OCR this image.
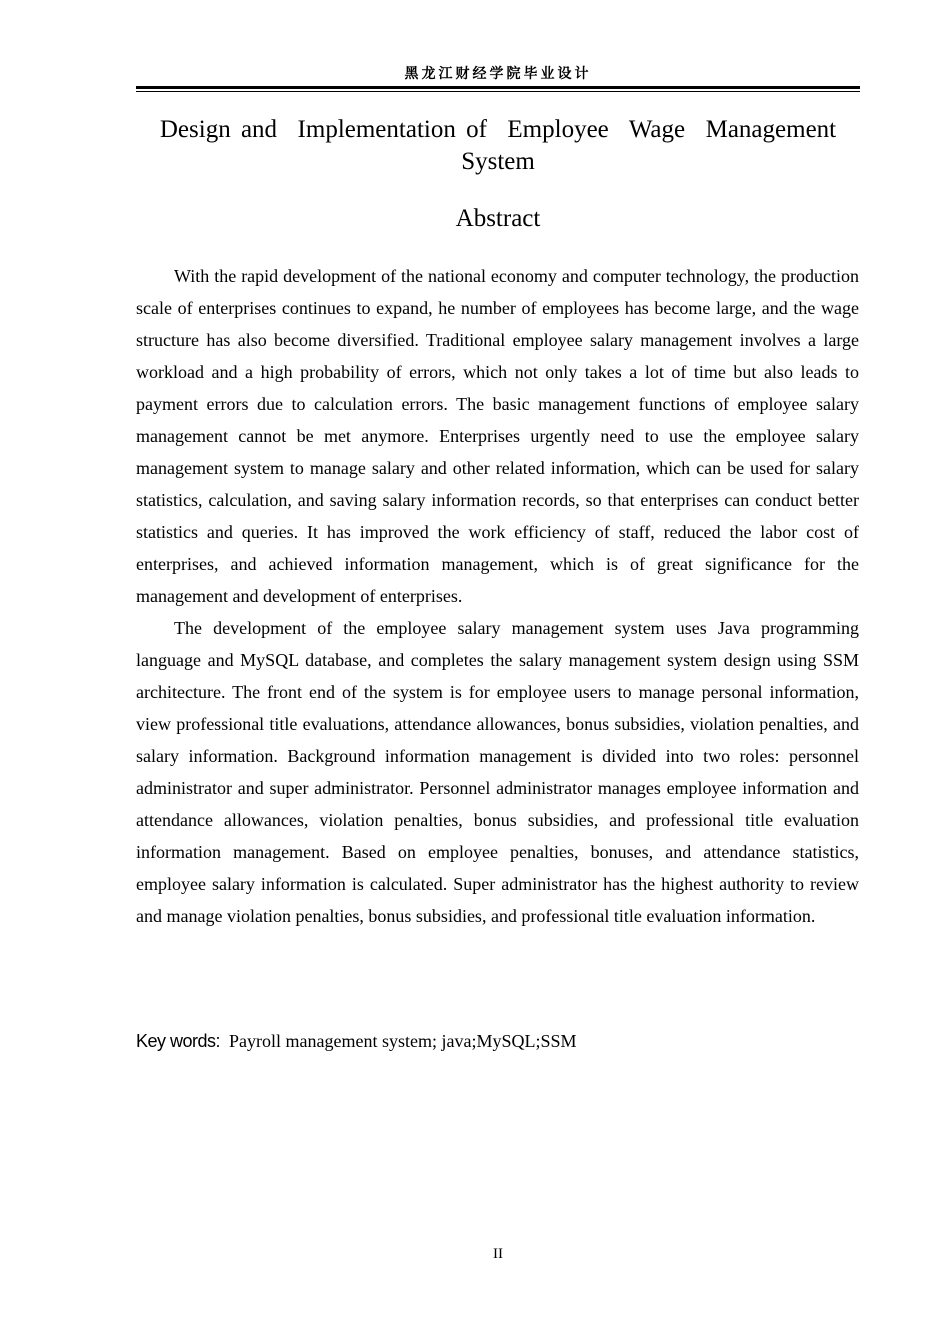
黑龙江财经学院毕业设计
Design and  Implementation of  Employee  Wage  Management
System
Abstract

With the rapid development of the national economy and computer technology, the production scale of enterprises continues to expand, he number of employees has become large, and the wage structure has also become diversified. Traditional employee salary management involves a large workload and a high probability of errors, which not only takes a lot of time but also leads to payment errors due to calculation errors. The basic management functions of employee salary management cannot be met anymore. Enterprises urgently need to use the employee salary management system to manage salary and other related information, which can be used for salary statistics, calculation, and saving salary information records, so that enterprises can conduct better statistics and queries. It has improved the work efficiency of staff, reduced the labor cost of enterprises, and achieved information management, which is of great significance for the management and development of enterprises.

The development of the employee salary management system uses Java programming language and MySQL database, and completes the salary management system design using SSM architecture. The front end of the system is for employee users to manage personal information, view professional title evaluations, attendance allowances, bonus subsidies, violation penalties, and salary information. Background information management is divided into two roles: personnel administrator and super administrator. Personnel administrator manages employee information and attendance allowances, violation penalties, bonus subsidies, and professional title evaluation information management. Based on employee penalties, bonuses, and attendance statistics, employee salary information is calculated. Super administrator has the highest authority to review and manage violation penalties, bonus subsidies, and professional title evaluation information.

Key words: Payroll management system; java;MySQL;SSM
II
